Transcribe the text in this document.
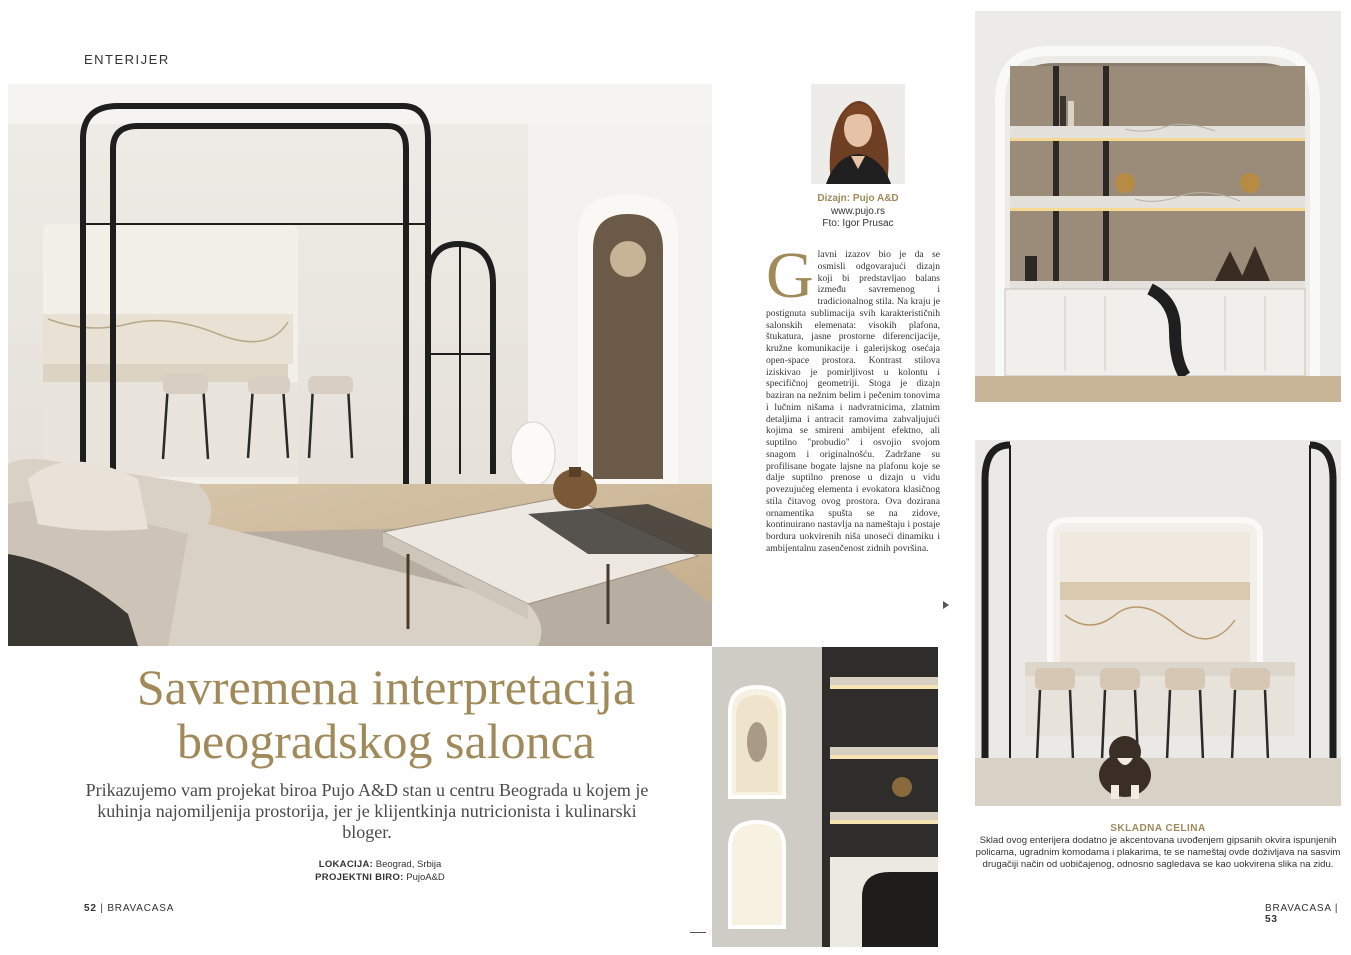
ENTERIJER
Dizajn: Pujo A&D
www.pujo.rs
Fto: Igor Prusac
Glavni izazov bio je da se osmisli odgovarajući dizajn koji bi predstavljao balans između savremenog i tradicionalnog stila. Na kraju je postignuta sublimacija svih karakterističnih salonskih elemenata: visokih plafona, štukatura, jasne prostorne diferencijacije, kružne komunikacije i galerijskog osećaja open-space prostora. Kontrast stilova iziskivao je pomirljivost u kolontu i specifičnoj geometriji. Stoga je dizajn baziran na nežnim belim i pečenim tonovima i lučnim nišama i nadvratnicima, zlatnim detaljima i antracit ramovima zahvaljujući kojima se smireni ambijent efektno, ali suptilno "probudio" i osvojio svojom snagom i originalnošću. Zadržane su profilisane bogate lajsne na plafonu koje se dalje suptilno prenose u dizajn u vidu povezujućeg elementa i evokatora klasičnog stila čitavog ovog prostora. Ova dozirana ornamentika spušta se na zidove, kontinuirano nastavlja na nameštaju i postaje bordura uokvirenih niša unoseći dinamiku i ambijentalnu zasenčenost zidnih površina.
Savremena interpretacija
beogradskog salonca

Prikazujemo vam projekat biroa Pujo A&D stan u centru Beograda u kojem je kuhinja najomiljenija prostorija, jer je klijentkinja nutricionista i kulinarski bloger.

LOKACIJA: Beograd, Srbija
PROJEKTNI BIRO: PujoA&D
52 | BRAVACASA
SKLADNA CELINA
Sklad ovog enterijera dodatno je akcentovana uvođenjem gipsanih okvira ispunjenih policama, ugradnim komodama i plakarima, te se nameštaj ovde doživljava na sasvim drugačiji način od uobičajenog, odnosno sagledava se kao uokvirena slika na zidu.
BRAVACASA | 53
